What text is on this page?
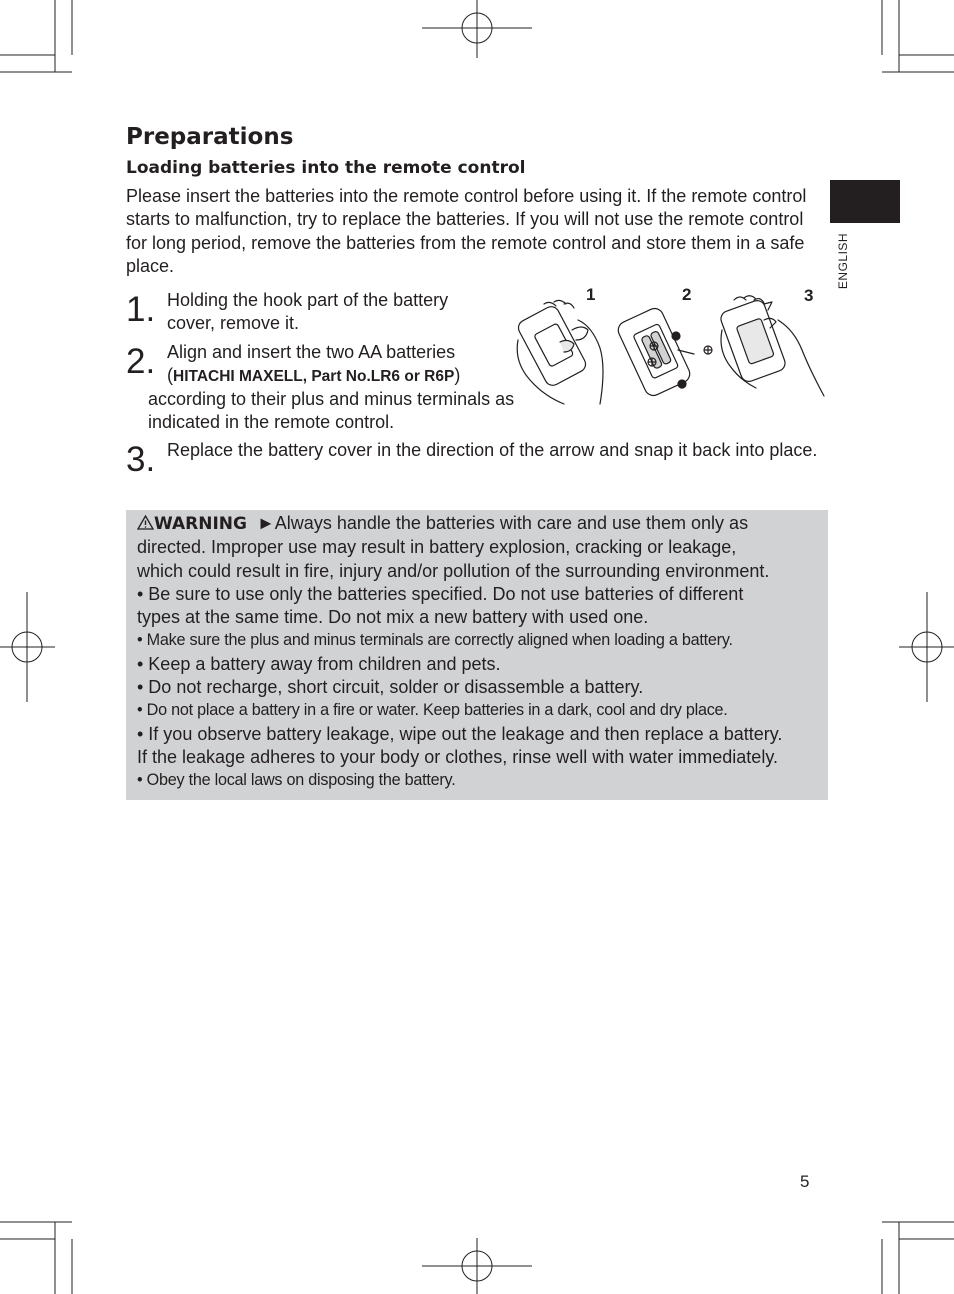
ENGLISH
Preparations
Loading batteries into the remote control

Please insert the batteries into the remote control before using it. If the remote control starts to malfunction, try to replace the batteries. If you will not use the remote control for long period, remove the batteries from the remote control and store them in a safe place.

1. Holding the hook part of the battery cover, remove it.

2. Align and insert the two AA batteries

(HITACHI MAXELL, Part No.LR6 or R6P)

according to their plus and minus terminals as indicated in the remote control.

3. Replace the battery cover in the direction of the arrow and snap it back into place.

1	2	3
WARNING ►Always handle the batteries with care and use them only as
directed. Improper use may result in battery explosion, cracking or leakage,
which could result in fire, injury and/or pollution of the surrounding environment.
• Be sure to use only the batteries specified. Do not use batteries of different
types at the same time. Do not mix a new battery with used one.
• Make sure the plus and minus terminals are correctly aligned when loading a battery.
• Keep a battery away from children and pets.
• Do not recharge, short circuit, solder or disassemble a battery.
• Do not place a battery in a fire or water. Keep batteries in a dark, cool and dry place.
• If you observe battery leakage, wipe out the leakage and then replace a battery.
If the leakage adheres to your body or clothes, rinse well with water immediately.
• Obey the local laws on disposing the battery.
5
